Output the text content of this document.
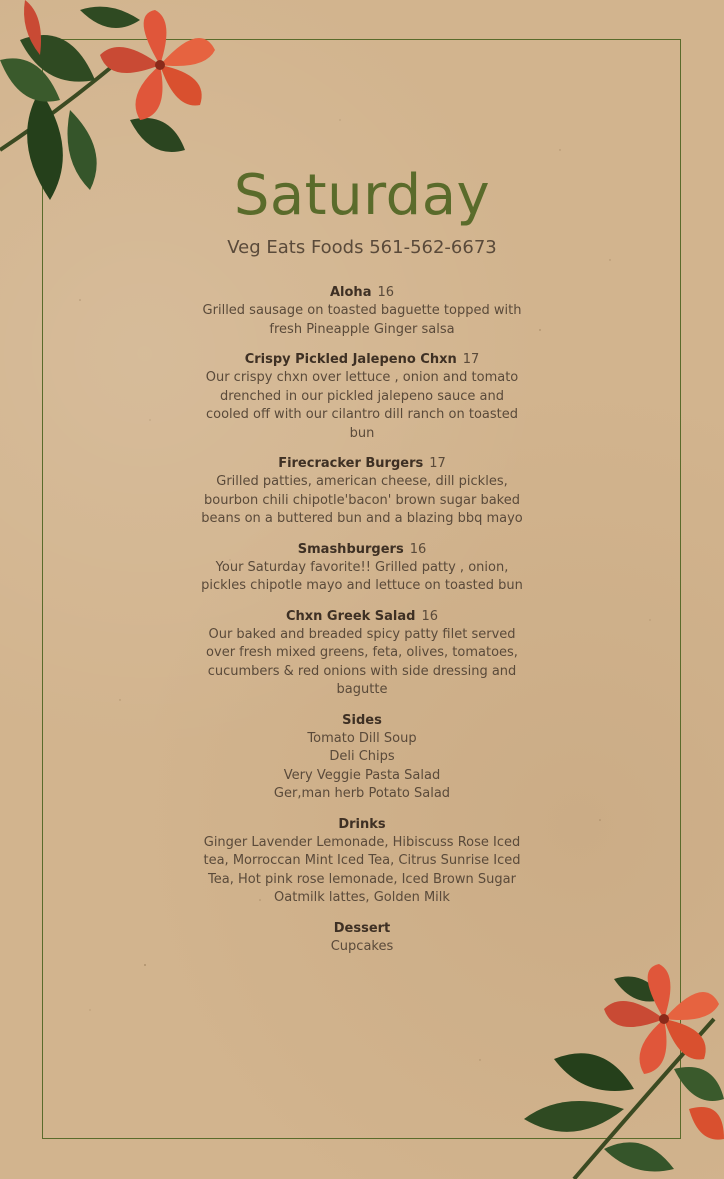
Saturday
Veg Eats Foods 561-562-6673
Aloha 16
Grilled sausage on toasted baguette topped with fresh Pineapple Ginger salsa
Crispy Pickled Jalepeno Chxn 17
Our crispy chxn over lettuce , onion and tomato drenched in our pickled jalepeno sauce and cooled off with our cilantro dill ranch on toasted bun
Firecracker Burgers 17
Grilled patties, american cheese, dill pickles, bourbon chili chipotle'bacon' brown sugar baked beans on a buttered bun and a blazing bbq mayo
Smashburgers 16
Your Saturday favorite!! Grilled patty , onion, pickles chipotle mayo and lettuce on toasted bun
Chxn Greek Salad 16
Our baked and breaded spicy patty filet served over fresh mixed greens, feta, olives, tomatoes, cucumbers & red onions with side dressing and bagutte
Sides
Tomato Dill Soup
Deli Chips
Very Veggie Pasta Salad
Ger,man herb Potato Salad
Drinks
Ginger Lavender Lemonade, Hibiscuss Rose Iced tea, Morroccan Mint Iced Tea, Citrus Sunrise Iced Tea, Hot pink rose lemonade, Iced Brown Sugar Oatmilk lattes, Golden Milk
Dessert
Cupcakes
